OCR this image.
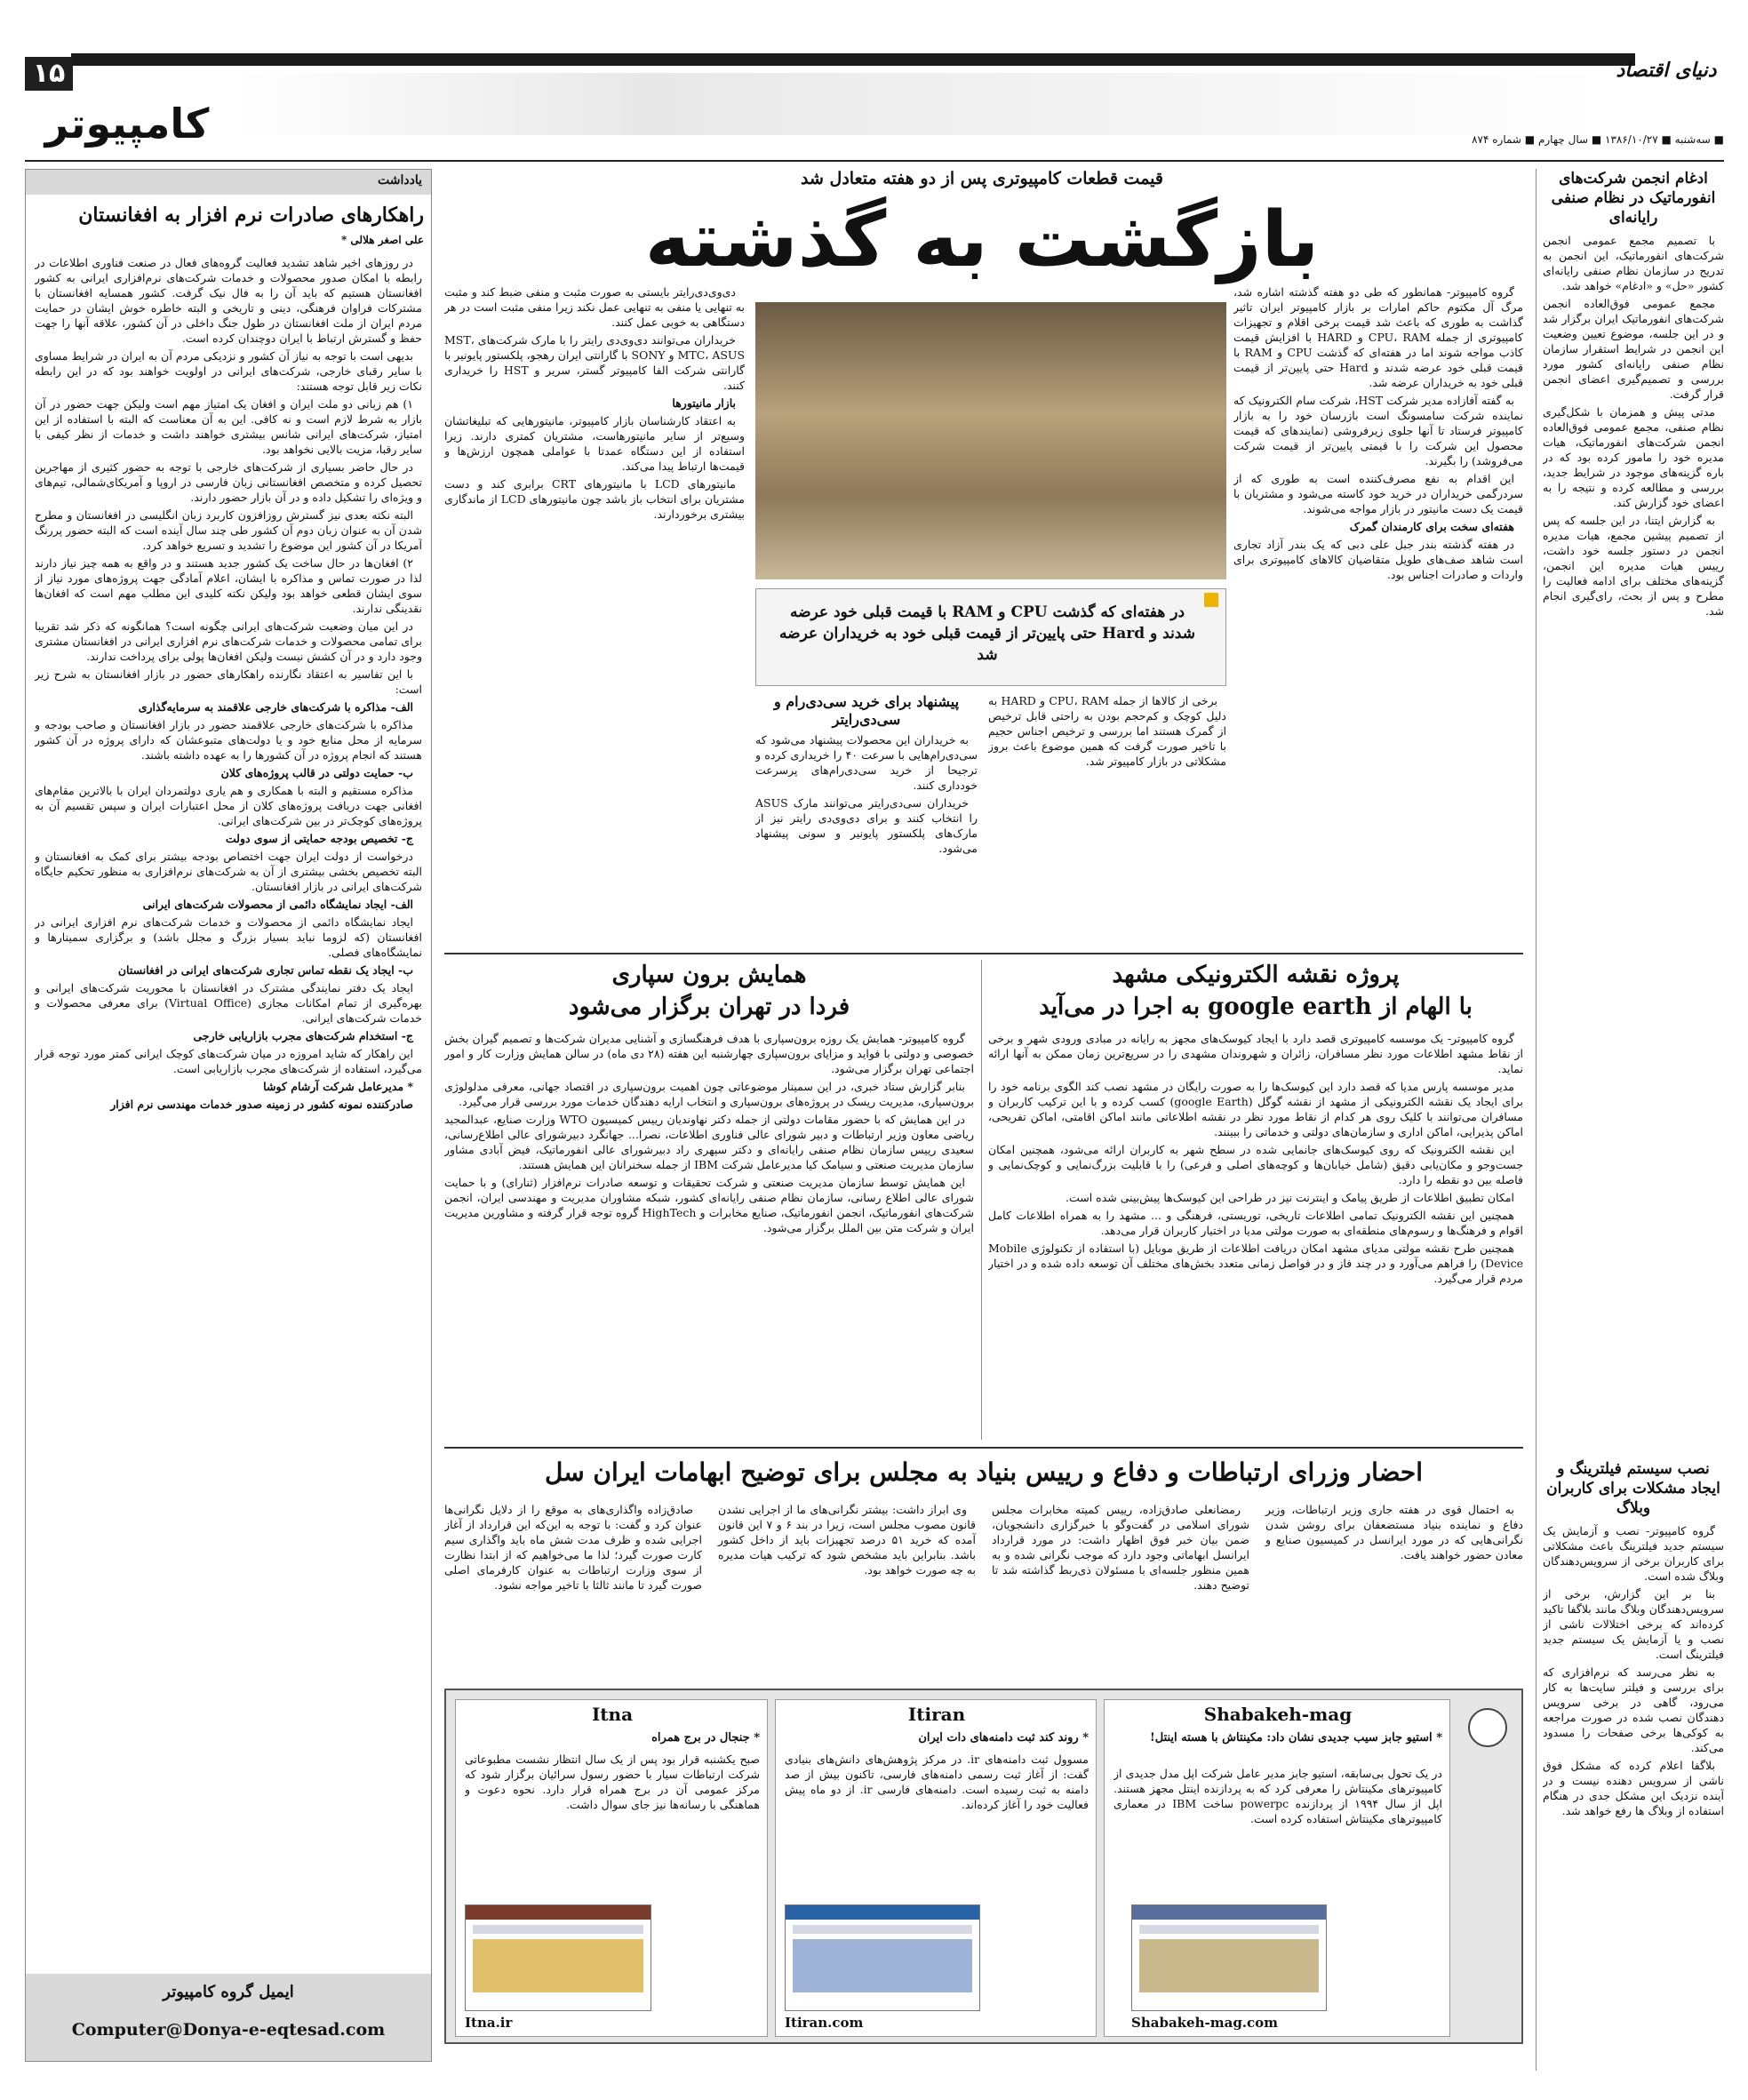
۱۵	دنیای اقتصاد
کامپیوتر	■ سه‌شنبه ■ ۱۳۸۶/۱۰/۲۷ ■ سال چهارم ■ شماره ۸۷۴
یادداشت
راهکارهای صادرات نرم افزار به افغانستان
علی اصغر هلالی *

در روزهای اخیر شاهد تشدید فعالیت گروه‌های فعال در صنعت فناوری اطلاعات در رابطه با امکان صدور محصولات و خدمات شرکت‌های نرم‌افزاری ایرانی به کشور افغانستان هستیم که باید آن را به فال نیک گرفت. کشور همسایه افغانستان با مشترکات فراوان فرهنگی، دینی و تاریخی و البته خاطره خوش ایشان در حمایت مردم ایران از ملت افغانستان در طول جنگ داخلی در آن کشور، علاقه آنها را جهت حفظ و گسترش ارتباط با ایران دوچندان کرده است.

بدیهی است با توجه به نیاز آن کشور و نزدیکی مردم آن به ایران در شرایط مساوی با سایر رقبای خارجی، شرکت‌های ایرانی در اولویت خواهند بود که در این رابطه نکات زیر قابل توجه هستند:

۱) هم زبانی دو ملت ایران و افغان یک امتیاز مهم است ولیکن جهت حضور در آن بازار به شرط لازم است و نه کافی. این به آن معناست که البته با استفاده از این امتیاز، شرکت‌های ایرانی شانس بیشتری خواهند داشت و خدمات از نظر کیفی با سایر رقبا، مزیت بالایی نخواهد بود.

در حال حاضر بسیاری از شرکت‌های خارجی با توجه به حضور کثیری از مهاجرین تحصیل کرده و متخصص افغانستانی زبان فارسی در اروپا و آمریکای‌شمالی، تیم‌های و ویژه‌ای را تشکیل داده و در آن بازار حضور دارند.

البته نکته بعدی نیز گسترش روزافزون کاربرد زبان انگلیسی در افغانستان و مطرح شدن آن به عنوان زبان دوم آن کشور طی چند سال آینده است که البته حضور پررنگ آمریکا در آن کشور این موضوع را تشدید و تسریع خواهد کرد.

۲) افغان‌ها در حال ساخت یک کشور جدید هستند و در واقع به همه چیز نیاز دارند لذا در صورت تماس و مذاکره با ایشان، اعلام آمادگی جهت پروژه‌های مورد نیاز از سوی ایشان قطعی خواهد بود ولیکن نکته کلیدی این مطلب مهم است که افغان‌ها نقدینگی ندارند.

در این میان وضعیت شرکت‌های ایرانی چگونه است؟ همانگونه که ذکر شد تقریبا برای تمامی محصولات و خدمات شرکت‌های نرم افزاری ایرانی در افغانستان مشتری وجود دارد و در آن کشش نیست ولیکن افغان‌ها پولی برای پرداخت ندارند.

با این تفاسیر به اعتقاد نگارنده راهکارهای حضور در بازار افغانستان به شرح زیر است:

الف- مذاکره با شرکت‌های خارجی علاقمند به سرمایه‌گذاری

مذاکره با شرکت‌های خارجی علاقمند حضور در بازار افغانستان و صاحب بودجه و سرمایه از محل منابع خود و یا دولت‌های متبوعشان که دارای پروژه در آن کشور هستند که انجام پروژه در آن کشورها را به عهده داشته باشند.

ب- حمایت دولتی در قالب پروژه‌های کلان

مذاکره مستقیم و البته با همکاری و هم یاری دولتمردان ایران با بالاترین مقام‌های افغانی جهت دریافت پروژه‌های کلان از محل اعتبارات ایران و سپس تقسیم آن به پروژه‌های کوچک‌تر در بین شرکت‌های ایرانی.

ج- تخصیص بودجه حمایتی از سوی دولت

درخواست از دولت ایران جهت اختصاص بودجه بیشتر برای کمک به افغانستان و البته تخصیص بخشی بیشتری از آن به شرکت‌های نرم‌افزاری به منظور تحکیم جایگاه شرکت‌های ایرانی در بازار افغانستان.

الف- ایجاد نمایشگاه دائمی از محصولات شرکت‌های ایرانی

ایجاد نمایشگاه دائمی از محصولات و خدمات شرکت‌های نرم افزاری ایرانی در افغانستان (که لزوما نباید بسیار بزرگ و مجلل باشد) و برگزاری سمینارها و نمایشگاه‌های فصلی.

ب- ایجاد یک نقطه تماس تجاری شرکت‌های ایرانی در افغانستان

ایجاد یک دفتر نمایندگی مشترک در افغانستان با محوریت شرکت‌های ایرانی و بهره‌گیری از تمام امکانات مجازی (Virtual Office) برای معرفی محصولات و خدمات شرکت‌های ایرانی.

ج- استخدام شرکت‌های مجرب بازاریابی خارجی

این راهکار که شاید امروزه در میان شرکت‌های کوچک ایرانی کمتر مورد توجه قرار می‌گیرد، استفاده از شرکت‌های مجرب بازاریابی است.

* مدیرعامل شرکت آرشام کوشا

صادرکننده نمونه کشور در زمینه صدور خدمات مهندسی نرم افزار

ایمیل گروه کامپیوتر
Computer@Donya-e-eqtesad.com
ادغام انجمن شرکت‌های انفورماتیک در نظام صنفی رایانه‌ای

با تصمیم مجمع عمومی انجمن شرکت‌های انفورماتیک، این انجمن به تدریج در سازمان نظام صنفی رایانه‌ای کشور «حل» و «ادغام» خواهد شد.

مجمع عمومی فوق‌العاده انجمن شرکت‌های انفورماتیک ایران برگزار شد و در این جلسه، موضوع تعیین وضعیت این انجمن در شرایط استقرار سازمان نظام صنفی رایانه‌ای کشور مورد بررسی و تصمیم‌گیری اعضای انجمن قرار گرفت.

مدتی پیش و همزمان با شکل‌گیری نظام صنفی، مجمع عمومی فوق‌العاده انجمن شرکت‌های انفورماتیک، هیات مدیره خود را مامور کرده بود که در باره گزینه‌های موجود در شرایط جدید، بررسی و مطالعه کرده و نتیجه را به اعضای خود گزارش کند.

به گزارش ایتنا، در این جلسه که پس از تصمیم پیشین مجمع، هیات مدیره انجمن در دستور جلسه خود داشت، رییس هیات مدیره این انجمن، گزینه‌های مختلف برای ادامه فعالیت را مطرح و پس از بحث، رای‌گیری انجام شد.

نصب سیستم فیلترینگ و ایجاد مشکلات برای کاربران وبلاگ

گروه کامپیوتر- نصب و آزمایش یک سیستم جدید فیلترینگ باعث مشکلاتی برای کاربران برخی از سرویس‌دهندگان وبلاگ شده است.

بنا بر این گزارش، برخی از سرویس‌دهندگان وبلاگ مانند بلاگفا تاکید کرده‌اند که برخی اختلالات ناشی از نصب و یا آزمایش یک سیستم جدید فیلترینگ است.

به نظر می‌رسد که نرم‌افزاری که برای بررسی و فیلتر سایت‌ها به کار می‌رود، گاهی در برخی سرویس دهندگان نصب شده در صورت مراجعه به کوکی‌ها برخی صفحات را مسدود می‌کند.

بلاگفا اعلام کرده که مشکل فوق ناشی از سرویس دهنده نیست و در آینده نزدیک این مشکل جدی در هنگام استفاده از وبلاگ ها رفع خواهد شد.

قیمت قطعات کامپیوتری پس از دو هفته متعادل شد
بازگشت به گذشته
در هفته‌ای که گذشت CPU و RAM با قیمت قبلی خود عرضه شدند و Hard حتی پایین‌تر از قیمت قبلی خود به خریداران عرضه شد

گروه کامپیوتر- همانطور که طی دو هفته گذشته اشاره شد، مرگ آل مکتوم حاکم امارات بر بازار کامپیوتر ایران تاثیر گذاشت به طوری که باعث شد قیمت برخی اقلام و تجهیزات کامپیوتری از جمله CPU، RAM و HARD با افزایش قیمت کاذب مواجه شوند اما در هفته‌ای که گذشت CPU و RAM با قیمت قبلی خود عرضه شدند و Hard حتی پایین‌تر از قیمت قبلی خود به خریداران عرضه شد.

به گفته آفازاده مدیر شرکت HST، شرکت سام الکترونیک که نماینده شرکت سامسونگ است بازرسان خود را به بازار کامپیوتر فرستاد تا آنها جلوی زیرفروشی (نمایندهای که قیمت محصول این شرکت را با قیمتی پایین‌تر از قیمت شرکت می‌فروشد) را بگیرند.

این اقدام به نفع مصرف‌کننده است به طوری که از سردرگمی خریداران در خرید خود کاسته می‌شود و مشتریان با قیمت یک دست مانیتور در بازار مواجه می‌شوند.

هفته‌ای سخت برای کارمندان گمرک

در هفته گذشته بندر جبل علی دبی که یک بندر آزاد تجاری است شاهد صف‌های طویل متقاضیان کالاهای کامپیوتری برای واردات و صادرات اجناس بود.

برخی از کالاها از جمله CPU، RAM و HARD به دلیل کوچک و کم‌حجم بودن به راحتی قابل ترخیص از گمرک هستند اما بررسی و ترخیص اجناس حجیم با تاخیر صورت گرفت که همین موضوع باعث بروز مشکلاتی در بازار کامپیوتر شد.

پیشنهاد برای خرید سی‌دی‌رام و سی‌دی‌رایتر

به خریداران این محصولات پیشنهاد می‌شود که سی‌دی‌رام‌هایی با سرعت ۴۰ را خریداری کرده و ترجیحا از خرید سی‌دی‌رام‌های پرسرعت خودداری کنند.

خریداران سی‌دی‌رایتر می‌توانند مارک ASUS را انتخاب کنند و برای دی‌وی‌دی رایتر نیز از مارک‌های پلکستور پایونیر و سونی پیشنهاد می‌شود.

دی‌وی‌دی‌رایتر بایستی به صورت مثبت و منفی ضبط کند و مثبت به تنهایی یا منفی به تنهایی عمل نکند زیرا منفی مثبت است در هر دستگاهی به خوبی عمل کنند.

خریداران می‌توانند دی‌وی‌دی رایتر را با مارک شرکت‌های MST، MTC، ASUS و SONY با گارانتی ایران رهجو، پلکستور پایونیر با گارانتی شرکت الفا کامپیوتر گستر، سریر و HST را خریداری کنند.

بازار مانیتورها

به اعتقاد کارشناسان بازار کامپیوتر، مانیتورهایی که تبلیغاتشان وسیع‌تر از سایر مانیتورهاست، مشتریان کمتری دارند. زیرا استفاده از این دستگاه عمدتا با عواملی همچون ارزش‌ها و قیمت‌ها ارتباط پیدا می‌کند.

مانیتورهای LCD با مانیتورهای CRT برابری کند و دست مشتریان برای انتخاب باز باشد چون مانیتورهای LCD از ماندگاری بیشتری برخوردارند.

پروژه نقشه الکترونیکی مشهد
با الهام از google earth به اجرا در می‌آید

گروه کامپیوتر- یک موسسه کامپیوتری قصد دارد با ایجاد کیوسک‌های مجهز به رایانه در مبادی ورودی شهر و برخی از نقاط مشهد اطلاعات مورد نظر مسافران، زائران و شهروندان مشهدی را در سریع‌ترین زمان ممکن به آنها ارائه نماید.

مدیر موسسه پارس مدیا که قصد دارد این کیوسک‌ها را به صورت رایگان در مشهد نصب کند الگوی برنامه خود را برای ایجاد یک نقشه الکترونیکی از مشهد از نقشه گوگل (google Earth) کسب کرده و با این ترکیب کاربران و مسافران می‌توانند با کلیک روی هر کدام از نقاط مورد نظر در نقشه اطلاعاتی مانند اماکن اقامتی، اماکن تفریحی، اماکن پذیرایی، اماکن اداری و سازمان‌های دولتی و خدماتی را ببینند.

این نقشه الکترونیک که روی کیوسک‌های جانمایی شده در سطح شهر به کاربران ارائه می‌شود، همچنین امکان جست‌وجو و مکان‌یابی دقیق (شامل خیابان‌ها و کوچه‌های اصلی و فرعی) را با قابلیت بزرگ‌نمایی و کوچک‌نمایی و فاصله بین دو نقطه را دارد.

امکان تطبیق اطلاعات از طریق پیامک و اینترنت نیز در طراحی این کیوسک‌ها پیش‌بینی شده است.

همچنین این نقشه الکترونیک تمامی اطلاعات تاریخی، توریستی، فرهنگی و ... مشهد را به همراه اطلاعات کامل اقوام و فرهنگ‌ها و رسوم‌های منطقه‌ای به صورت مولتی مدیا در اختیار کاربران قرار می‌دهد.

همچنین طرح نقشه مولتی مدیای مشهد امکان دریافت اطلاعات از طریق موبایل (با استفاده از تکنولوژی Mobile Device) را فراهم می‌آورد و در چند فاز و در فواصل زمانی متعدد بخش‌های مختلف آن توسعه داده شده و در اختیار مردم قرار می‌گیرد.

همایش برون سپاری
فردا در تهران برگزار می‌شود

گروه کامپیوتر- همایش یک روزه برون‌سپاری با هدف فرهنگسازی و آشنایی مدیران شرکت‌ها و تصمیم گیران بخش خصوصی و دولتی با فواید و مزایای برون‌سپاری چهارشنبه این هفته (۲۸ دی ماه) در سالن همایش وزارت کار و امور اجتماعی تهران برگزار می‌شود.

بنابر گزارش ستاد خبری، در این سمینار موضوعاتی چون اهمیت برون‌سپاری در اقتصاد جهانی، معرفی مدلولوژی برون‌سپاری، مدیریت ریسک در پروژه‌های برون‌سپاری و انتخاب ارایه دهندگان خدمات مورد بررسی قرار می‌گیرد.

در این همایش که با حضور مقامات دولتی از جمله دکتر نهاوندیان رییس کمیسیون WTO وزارت صنایع، عبدالمجید ریاضی معاون وزیر ارتباطات و دبیر شورای عالی فناوری اطلاعات، نصرا... جهانگرد دبیرشورای عالی اطلاع‌رسانی، سعیدی رییس سازمان نظام صنفی رایانه‌ای و دکتر سپهری راد دبیرشورای عالی انفورماتیک، فیض آبادی مشاور سازمان مدیریت صنعتی و سیامک کیا مدیرعامل شرکت IBM از جمله سخنرانان این همایش هستند.

این همایش توسط سازمان مدیریت صنعتی و شرکت تحقیقات و توسعه صادرات نرم‌افزار (ثنارای) و با حمایت شورای عالی اطلاع رسانی، سازمان نظام صنفی رایانه‌ای کشور، شبکه مشاوران مدیریت و مهندسی ایران، انجمن شرکت‌های انفورماتیک، انجمن انفورماتیک، صنایع مخابرات و HighTech گروه توجه قرار گرفته و مشاورین مدیریت ایران و شرکت متن بین الملل برگزار می‌شود.

احضار وزرای ارتباطات و دفاع و رییس بنیاد به مجلس برای توضیح ابهامات ایران سل

به احتمال قوی در هفته جاری وزیر ارتباطات، وزیر دفاع و نماینده بنیاد مستضعفان برای روشن شدن نگرانی‌هایی که در مورد ایرانسل در کمیسیون صنایع و معادن حضور خواهند یافت.

رمضانعلی صادق‌زاده، رییس کمیته مخابرات مجلس شورای اسلامی در گفت‌وگو با خبرگزاری دانشجویان، ضمن بیان خبر فوق اظهار داشت: در مورد قرارداد ایرانسل ابهاماتی وجود دارد که موجب نگرانی شده و به همین منظور جلسه‌ای با مسئولان ذی‌ربط گذاشته شد تا توضیح دهند.

وی ابراز داشت: بیشتر نگرانی‌های ما از اجرایی نشدن قانون مصوب مجلس است، زیرا در بند ۶ و ۷ این قانون آمده که خرید ۵۱ درصد تجهیزات باید از داخل کشور باشد. بنابراین باید مشخص شود که ترکیب هیات مدیره به چه صورت خواهد بود.

صادق‌زاده واگذاری‌های به موقع را از دلایل نگرانی‌ها عنوان کرد و گفت: با توجه به این‌که این قرارداد از آغاز اجرایی شده و ظرف مدت شش ماه باید واگذاری سیم کارت صورت گیرد؛ لذا ما می‌خواهیم که از ابتدا نظارت از سوی وزارت ارتباطات به عنوان کارفرمای اصلی صورت گیرد تا مانند ثالثا با تاخیر مواجه نشود.

Shabakeh-mag
* استیو جابز سیب جدیدی نشان داد: مکینتاش با هسته اینتل!
در یک تحول بی‌سابقه، استیو جابز مدیر عامل شرکت اپل مدل جدیدی از کامپیوترهای مکینتاش را معرفی کرد که به پردازنده اینتل مجهز هستند. اپل از سال ۱۹۹۴ از پردازنده powerpc ساخت IBM در معماری کامپیوترهای مکینتاش استفاده کرده است.
Shabakeh-mag.com
Itiran
* روند کند ثبت دامنه‌های دات ایران
مسوول ثبت دامنه‌های ir. در مرکز پژوهش‌های دانش‌های بنیادی گفت: از آغاز ثبت رسمی دامنه‌های فارسی، تاکنون بیش از صد دامنه به ثبت رسیده است. دامنه‌های فارسی ir. از دو ماه پیش فعالیت خود را آغاز کرده‌اند.
Itiran.com
Itna
* جنجال در برج همراه
صبح یکشنبه قرار بود پس از یک سال انتظار نشست مطبوعاتی شرکت ارتباطات سیار با حضور رسول سرائیان برگزار شود که مرکز عمومی آن در برج همراه قرار دارد. نحوه دعوت و هماهنگی با رسانه‌ها نیز جای سوال داشت.
Itna.ir
